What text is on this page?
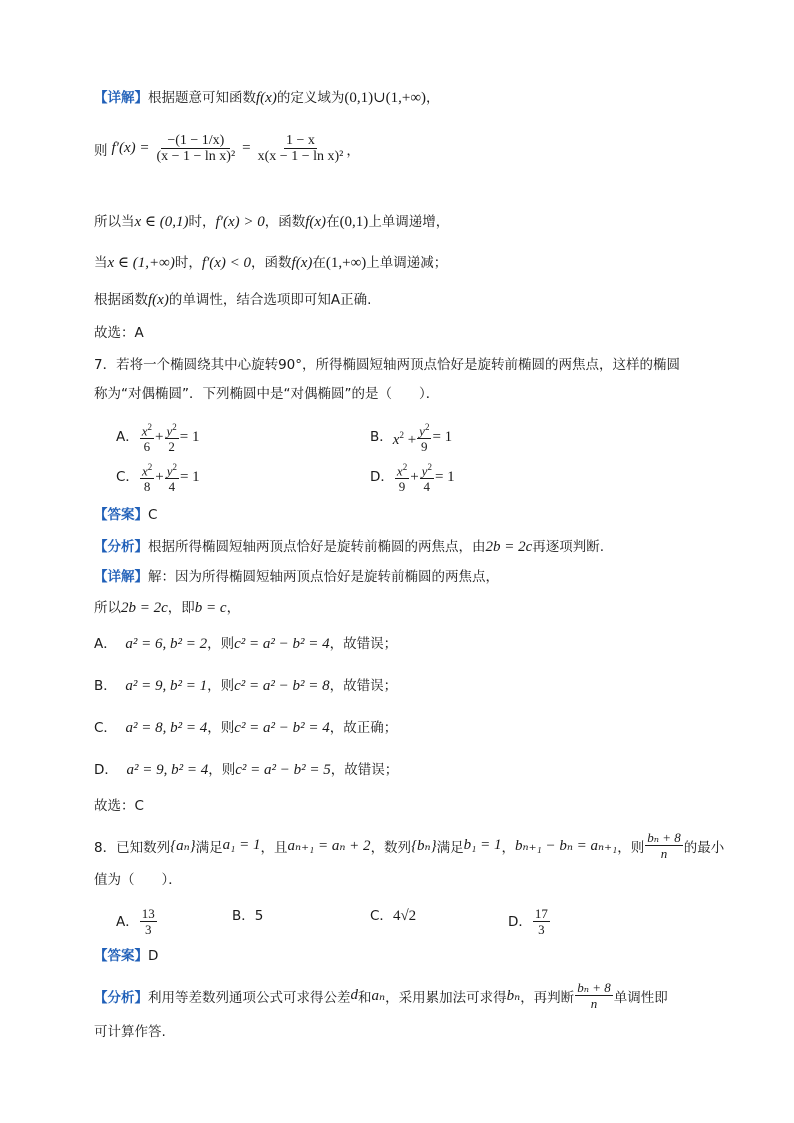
【详解】根据题意可知函数f(x)的定义域为(0,1)∪(1,+∞)，
则 $f'(x) = \frac{-(1 - 1/x)}{\text{(x − 1 − ln x)²}} = \frac{1 - x}{\text{x(x − 1 − ln x)²}}$ ，
所以当x ∈ (0,1)时，f′(x) > 0，函数f(x)在(0,1)上单调递增，
当x ∈ (1,+∞)时，f′(x) < 0，函数f(x)在(1,+∞)上单调递减；
根据函数f(x)的单调性，结合选项即可知A正确.
故选：A
7．若将一个椭圆绕其中心旋转90°，所得椭圆短轴两顶点恰好是旋转前椭圆的两焦点，这样的椭圆
称为“对偶椭圆”．下列椭圆中是“对偶椭圆”的是（　　）．
A． $\frac{x^2}{6} + \frac{y^2}{2} = 1$	B． $x^2 + \frac{y^2}{9} = 1$
C． $\frac{x^2}{8} + \frac{y^2}{4} = 1$	D． $\frac{x^2}{9} + \frac{y^2}{4} = 1$
【答案】C
【分析】根据所得椭圆短轴两顶点恰好是旋转前椭圆的两焦点，由2b = 2c再逐项判断.
【详解】解：因为所得椭圆短轴两顶点恰好是旋转前椭圆的两焦点，
所以2b = 2c，即b = c，
A． a² = 6, b² = 2，则c² = a² − b² = 4，故错误；
B． a² = 9, b² = 1，则c² = a² − b² = 8，故错误；
C． a² = 8, b² = 4，则c² = a² − b² = 4，故正确；
D． a² = 9, b² = 4，则c² = a² − b² = 5，故错误；
故选：C
8．已知数列 {aₙ} 满足 a₁ = 1 ，且 aₙ₊₁ = aₙ + 2 ，数列 {bₙ} 满足 b₁ = 1 ， bₙ₊₁ − bₙ = aₙ₊₁ ，则 $\frac{\text{bₙ + 8}}{n}$ 的最小
值为（　　）．
A． $\frac{13}{3}$	B．5	C．4√2	D． $\frac{17}{3}$
【答案】D
【分析】 利用等差数列通项公式可求得公差 d 和 aₙ ，采用累加法可求得 bₙ ，再判断 $\frac{\text{bₙ + 8}}{n}$ 单调性即
可计算作答.
